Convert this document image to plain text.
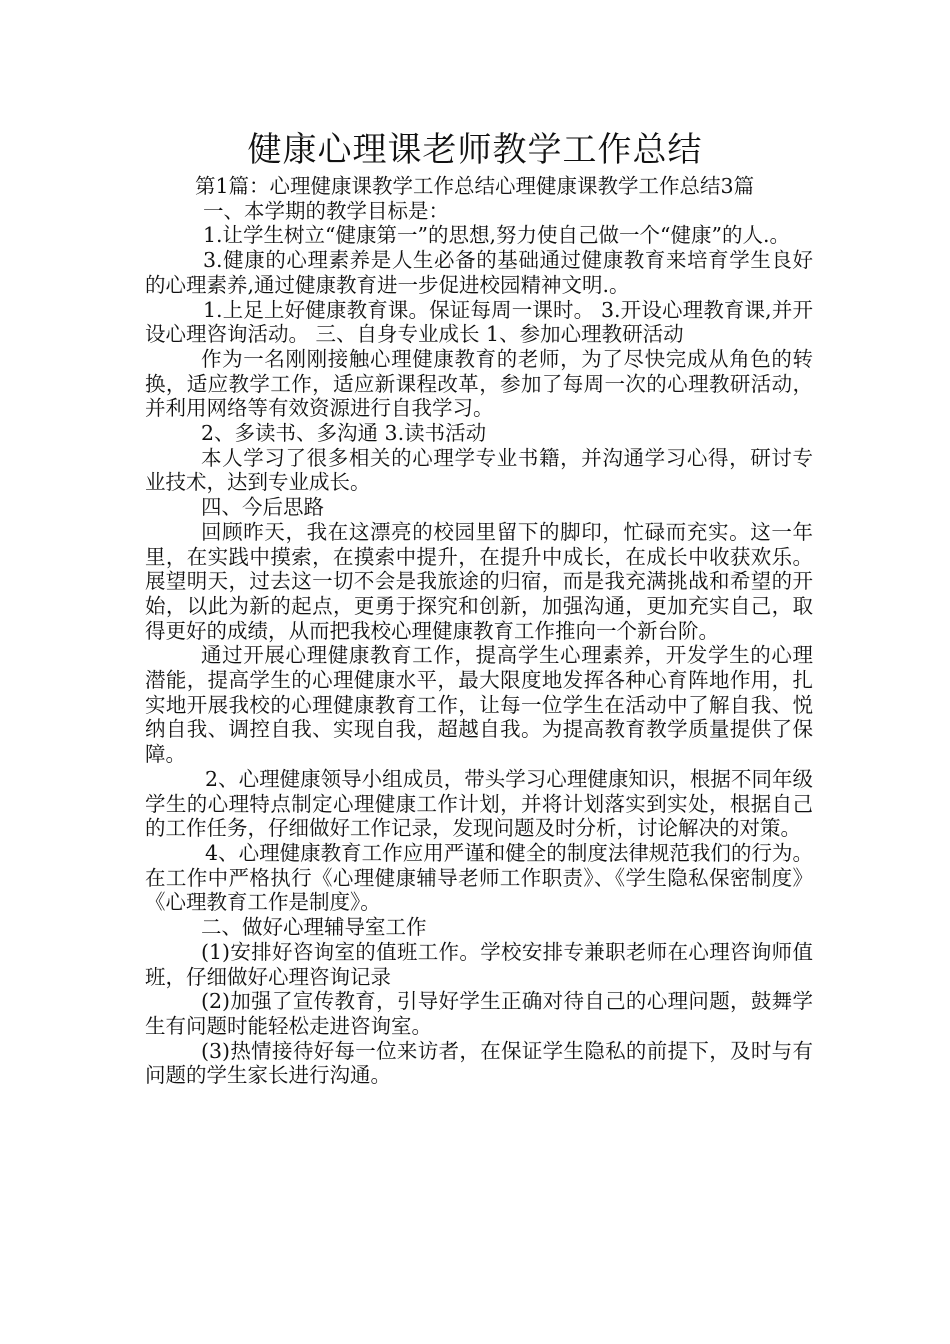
健康心理课老师教学工作总结

第1篇：心理健康课教学工作总结心理健康课教学工作总结3篇

一、本学期的教学目标是：

1.让学生树立“健康第一”的思想,努力使自己做一个“健康”的人.。

3.健康的心理素养是人生必备的基础通过健康教育来培育学生良好的心理素养,通过健康教育进一步促进校园精神文明.。

1.上足上好健康教育课。保证每周一课时。 3.开设心理教育课,并开设心理咨询活动。 三、自身专业成长 1、参加心理教研活动

作为一名刚刚接触心理健康教育的老师，为了尽快完成从角色的转换，适应教学工作，适应新课程改革，参加了每周一次的心理教研活动，并利用网络等有效资源进行自我学习。

2、多读书、多沟通 3.读书活动

本人学习了很多相关的心理学专业书籍，并沟通学习心得，研讨专业技术，达到专业成长。

四、今后思路

回顾昨天，我在这漂亮的校园里留下的脚印，忙碌而充实。这一年里，在实践中摸索，在摸索中提升，在提升中成长，在成长中收获欢乐。展望明天，过去这一切不会是我旅途的归宿，而是我充满挑战和希望的开始，以此为新的起点，更勇于探究和创新，加强沟通，更加充实自己，取得更好的成绩，从而把我校心理健康教育工作推向一个新台阶。

通过开展心理健康教育工作，提高学生心理素养，开发学生的心理潜能，提高学生的心理健康水平，最大限度地发挥各种心育阵地作用，扎实地开展我校的心理健康教育工作，让每一位学生在活动中了解自我、悦纳自我、调控自我、实现自我，超越自我。为提高教育教学质量提供了保障。

2、心理健康领导小组成员，带头学习心理健康知识，根据不同年级学生的心理特点制定心理健康工作计划，并将计划落实到实处，根据自己的工作任务，仔细做好工作记录，发现问题及时分析，讨论解决的对策。

4、心理健康教育工作应用严谨和健全的制度法律规范我们的行为。在工作中严格执行《心理健康辅导老师工作职责》、《学生隐私保密制度》《心理教育工作是制度》。

二、做好心理辅导室工作

(1)安排好咨询室的值班工作。学校安排专兼职老师在心理咨询师值班，仔细做好心理咨询记录

(2)加强了宣传教育，引导好学生正确对待自己的心理问题，鼓舞学生有问题时能轻松走进咨询室。

(3)热情接待好每一位来访者，在保证学生隐私的前提下，及时与有问题的学生家长进行沟通。
